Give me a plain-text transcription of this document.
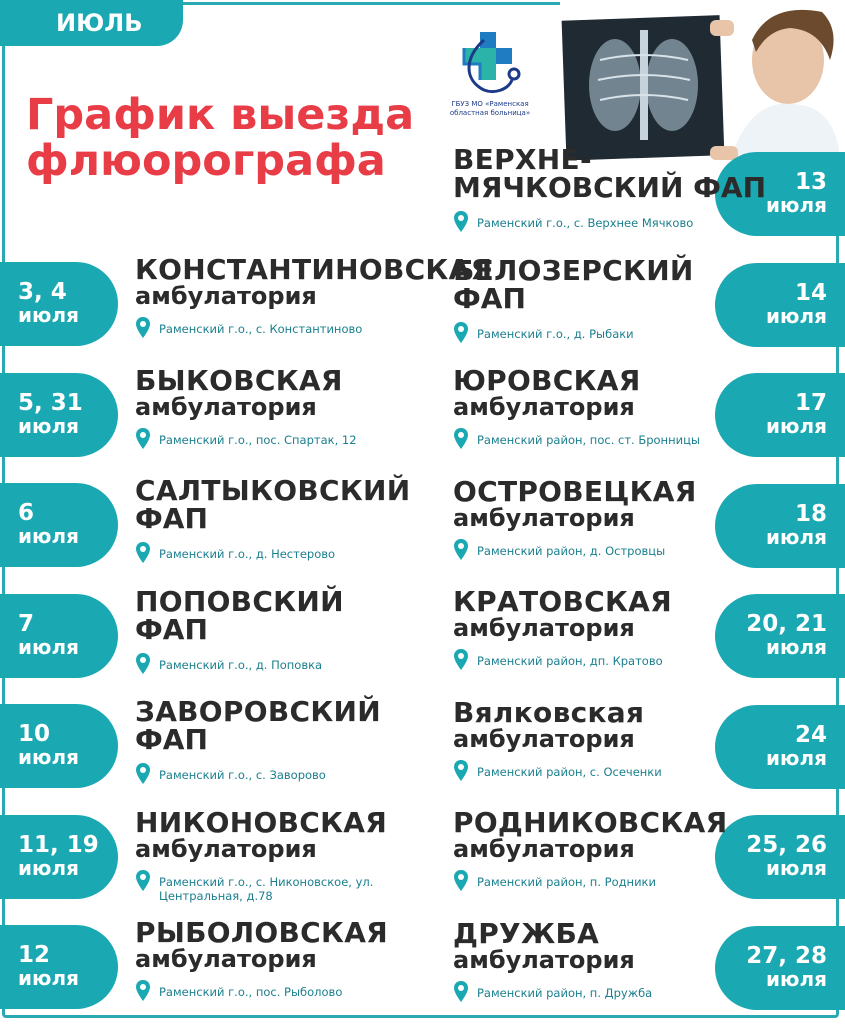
ИЮЛЬ
График выезда
флюорографа
ГБУЗ МО «Раменская областная больница»
3, 4
июля
КОНСТАНТИНОВСКАЯ
амбулатория
Раменский г.о., с. Константиново
5, 31
июля
БЫКОВСКАЯ
амбулатория
Раменский г.о., пос. Спартак, 12
6
июля
САЛТЫКОВСКИЙ
ФАП
Раменский г.о., д. Нестерово
7
июля
ПОПОВСКИЙ
ФАП
Раменский г.о., д. Поповка
10
июля
ЗАВОРОВСКИЙ
ФАП
Раменский г.о., с. Заворово
11, 19
июля
НИКОНОВСКАЯ
амбулатория
Раменский г.о., с. Никоновское, ул. Центральная, д.78
12
июля
РЫБОЛОВСКАЯ
амбулатория
Раменский г.о., пос. Рыболово
13
июля
ВЕРХНЕ-
МЯЧКОВСКИЙ ФАП
Раменский г.о., с. Верхнее Мячково
14
июля
БЕЛОЗЕРСКИЙ
ФАП
Раменский г.о., д. Рыбаки
17
июля
ЮРОВСКАЯ
амбулатория
Раменский район, пос. ст. Бронницы
18
июля
ОСТРОВЕЦКАЯ
амбулатория
Раменский район, д. Островцы
20, 21
июля
КРАТОВСКАЯ
амбулатория
Раменский район, дп. Кратово
24
июля
Вялковская
амбулатория
Раменский район, с. Осеченки
25, 26
июля
РОДНИКОВСКАЯ
амбулатория
Раменский район, п. Родники
27, 28
июля
ДРУЖБА
амбулатория
Раменский район, п. Дружба
